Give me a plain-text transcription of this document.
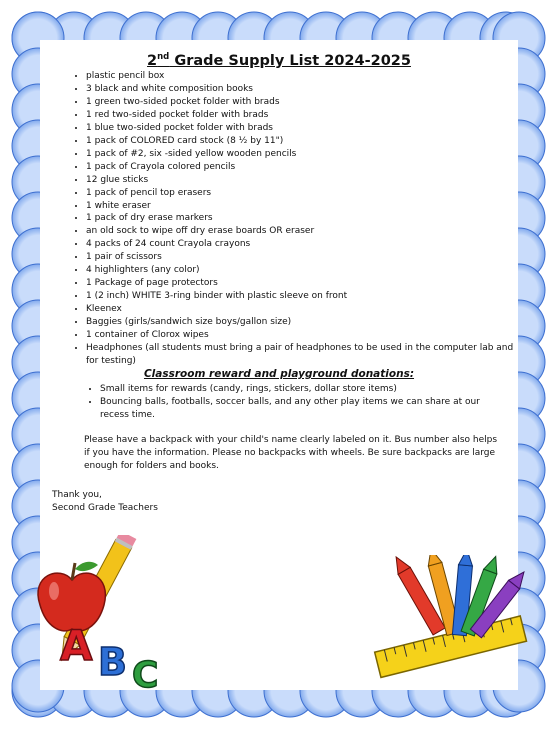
2nd Grade Supply List 2024-2025
• plastic pencil box
• 3 black and white composition books
• 1 green two-sided pocket folder with brads
• 1 red two-sided pocket folder with brads
• 1 blue two-sided pocket folder with brads
• 1 pack of COLORED card stock (8 ½ by 11")
• 1 pack of #2, six -sided yellow wooden pencils
• 1 pack of Crayola colored pencils
• 12 glue sticks
• 1 pack of pencil top erasers
• 1 white eraser
• 1 pack of dry erase markers
• an old sock to wipe off dry erase boards OR eraser
• 4 packs of 24 count Crayola crayons
• 1 pair of scissors
• 4 highlighters (any color)
• 1 Package of page protectors
• 1 (2 inch) WHITE 3-ring binder with plastic sleeve on front
• Kleenex
• Baggies (girls/sandwich size boys/gallon size)
• 1 container of Clorox wipes
• Headphones (all students must bring a pair of headphones to be used in the computer lab and for testing)
Classroom reward and playground donations:
• Small items for rewards (candy, rings, stickers, dollar store items)
• Bouncing balls, footballs, soccer balls, and any other play items we can share at our recess time.
Please have a backpack with your child's name clearly labeled on it. Bus number also helps if you have the information. Please no backpacks with wheels. Be sure backpacks are large enough for folders and books.
Thank you,
Second Grade Teachers
A B C
